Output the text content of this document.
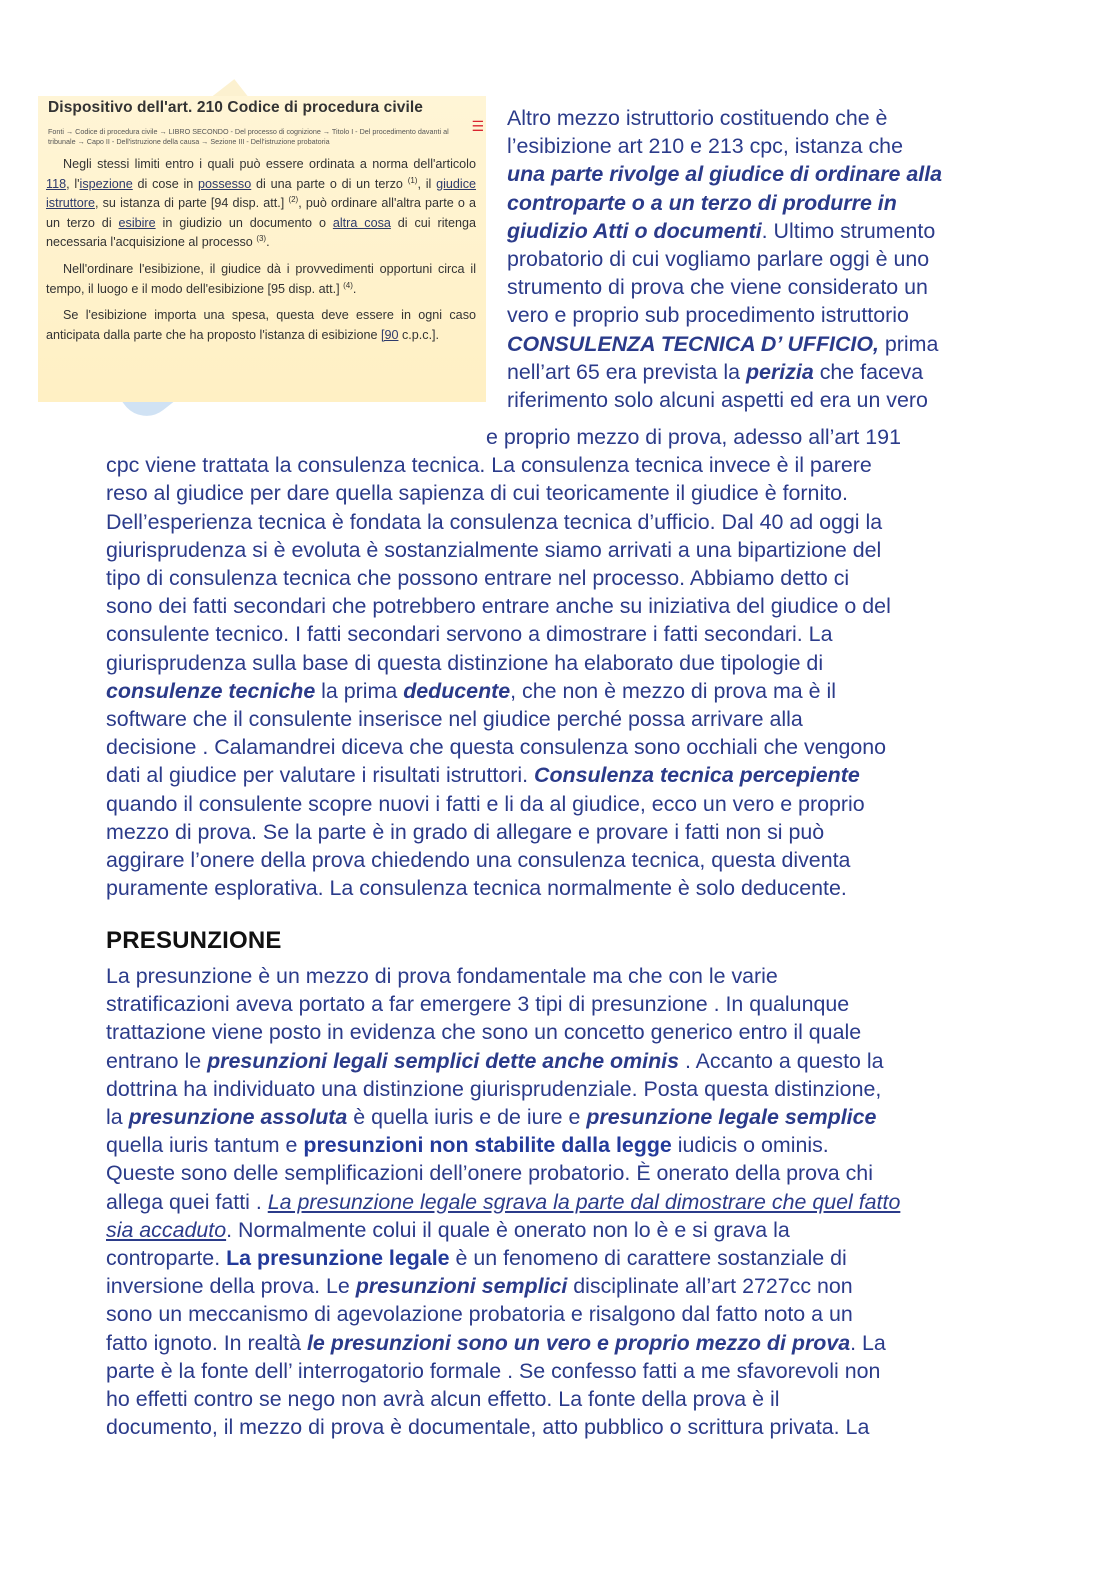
Dispositivo dell'art. 210 Codice di procedura civile
☰
Fonti → Codice di procedura civile → LIBRO SECONDO - Del processo di cognizione → Titolo I - Del procedimento davanti al
tribunale → Capo II - Dell'istruzione della causa → Sezione III - Dell'istruzione probatoria

Negli stessi limiti entro i quali può essere ordinata a norma dell'articolo 118, l'ispezione di cose in possesso di una parte o di un terzo $^{(1)}$, il giudice istruttore, su istanza di parte [94 disp. att.] $^{(2)}$, può ordinare all'altra parte o a un terzo di esibire in giudizio un documento o altra cosa di cui ritenga necessaria l'acquisizione al processo $^{(3)}$.

Nell'ordinare l'esibizione, il giudice dà i provvedimenti opportuni circa il tempo, il luogo e il modo dell'esibizione [95 disp. att.] $^{(4)}$.

Se l'esibizione importa una spesa, questa deve essere in ogni caso anticipata dalla parte che ha proposto l'istanza di esibizione [90 c.p.c.].

Altro mezzo istruttorio costituendo che è
l’esibizione art 210 e 213 cpc, istanza che
una parte rivolge al giudice di ordinare alla
controparte o a un terzo di produrre in
giudizio Atti o documenti. Ultimo strumento
probatorio di cui vogliamo parlare oggi è uno
strumento di prova che viene considerato un
vero e proprio sub procedimento istruttorio
CONSULENZA TECNICA D’ UFFICIO, prima
nell’art 65 era prevista la perizia che faceva
riferimento solo alcuni aspetti ed era un vero
e proprio mezzo di prova, adesso all’art 191
cpc viene trattata la consulenza tecnica. La consulenza tecnica invece è il parere
reso al giudice per dare quella sapienza di cui teoricamente il giudice è fornito.
Dell’esperienza tecnica è fondata la consulenza tecnica d’ufficio. Dal 40 ad oggi la
giurisprudenza si è evoluta è sostanzialmente siamo arrivati a una bipartizione del
tipo di consulenza tecnica che possono entrare nel processo. Abbiamo detto ci
sono dei fatti secondari che potrebbero entrare anche su iniziativa del giudice o del
consulente tecnico. I fatti secondari servono a dimostrare i fatti secondari. La
giurisprudenza sulla base di questa distinzione ha elaborato due tipologie di
consulenze tecniche la prima deducente, che non è mezzo di prova ma è il
software che il consulente inserisce nel giudice perché possa arrivare alla
decisione . Calamandrei diceva che questa consulenza sono occhiali che vengono
dati al giudice per valutare i risultati istruttori. Consulenza tecnica percepiente
quando il consulente scopre nuovi i fatti e li da al giudice, ecco un vero e proprio
mezzo di prova. Se la parte è in grado di allegare e provare i fatti non si può
aggirare l’onere della prova chiedendo una consulenza tecnica, questa diventa
puramente esplorativa. La consulenza tecnica normalmente è solo deducente.
PRESUNZIONE
La presunzione è un mezzo di prova fondamentale ma che con le varie
stratificazioni aveva portato a far emergere 3 tipi di presunzione . In qualunque
trattazione viene posto in evidenza che sono un concetto generico entro il quale
entrano le presunzioni legali semplici dette anche ominis . Accanto a questo la
dottrina ha individuato una distinzione giurisprudenziale. Posta questa distinzione,
la presunzione assoluta è quella iuris e de iure e presunzione legale semplice
quella iuris tantum e presunzioni non stabilite dalla legge iudicis o ominis.
Queste sono delle semplificazioni dell’onere probatorio. È onerato della prova chi
allega quei fatti . La presunzione legale sgrava la parte dal dimostrare che quel fatto
sia accaduto. Normalmente colui il quale è onerato non lo è e si grava la
controparte. La presunzione legale è un fenomeno di carattere sostanziale di
inversione della prova. Le presunzioni semplici disciplinate all’art 2727cc non
sono un meccanismo di agevolazione probatoria e risalgono dal fatto noto a un
fatto ignoto. In realtà le presunzioni sono un vero e proprio mezzo di prova. La
parte è la fonte dell’ interrogatorio formale . Se confesso fatti a me sfavorevoli non
ho effetti contro se nego non avrà alcun effetto. La fonte della prova è il
documento, il mezzo di prova è documentale, atto pubblico o scrittura privata. La
